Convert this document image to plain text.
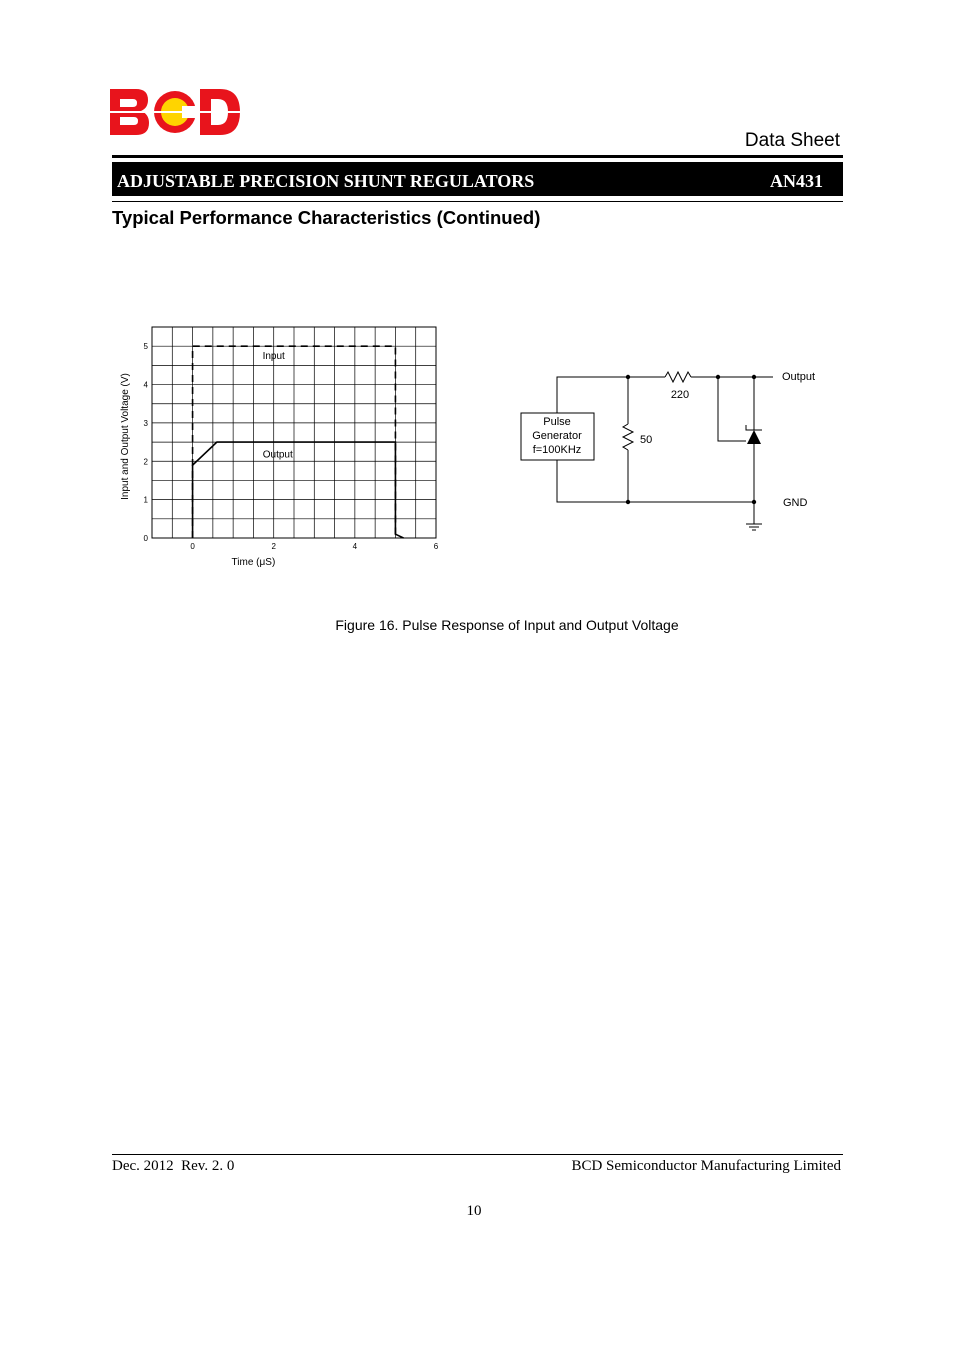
Data Sheet
ADJUSTABLE PRECISION SHUNT REGULATORS	AN431
Typical Performance Characteristics (Continued)
0	2	4	6
0
1
2
3
4
5
Input
Output
Time (μS)
Input and Output Voltage (V)	Pulse
Generator
f=100KHz
220
50
Output
GND
Figure 16. Pulse Response of Input and Output Voltage
Dec. 2012  Rev. 2. 0	BCD Semiconductor Manufacturing Limited
10
